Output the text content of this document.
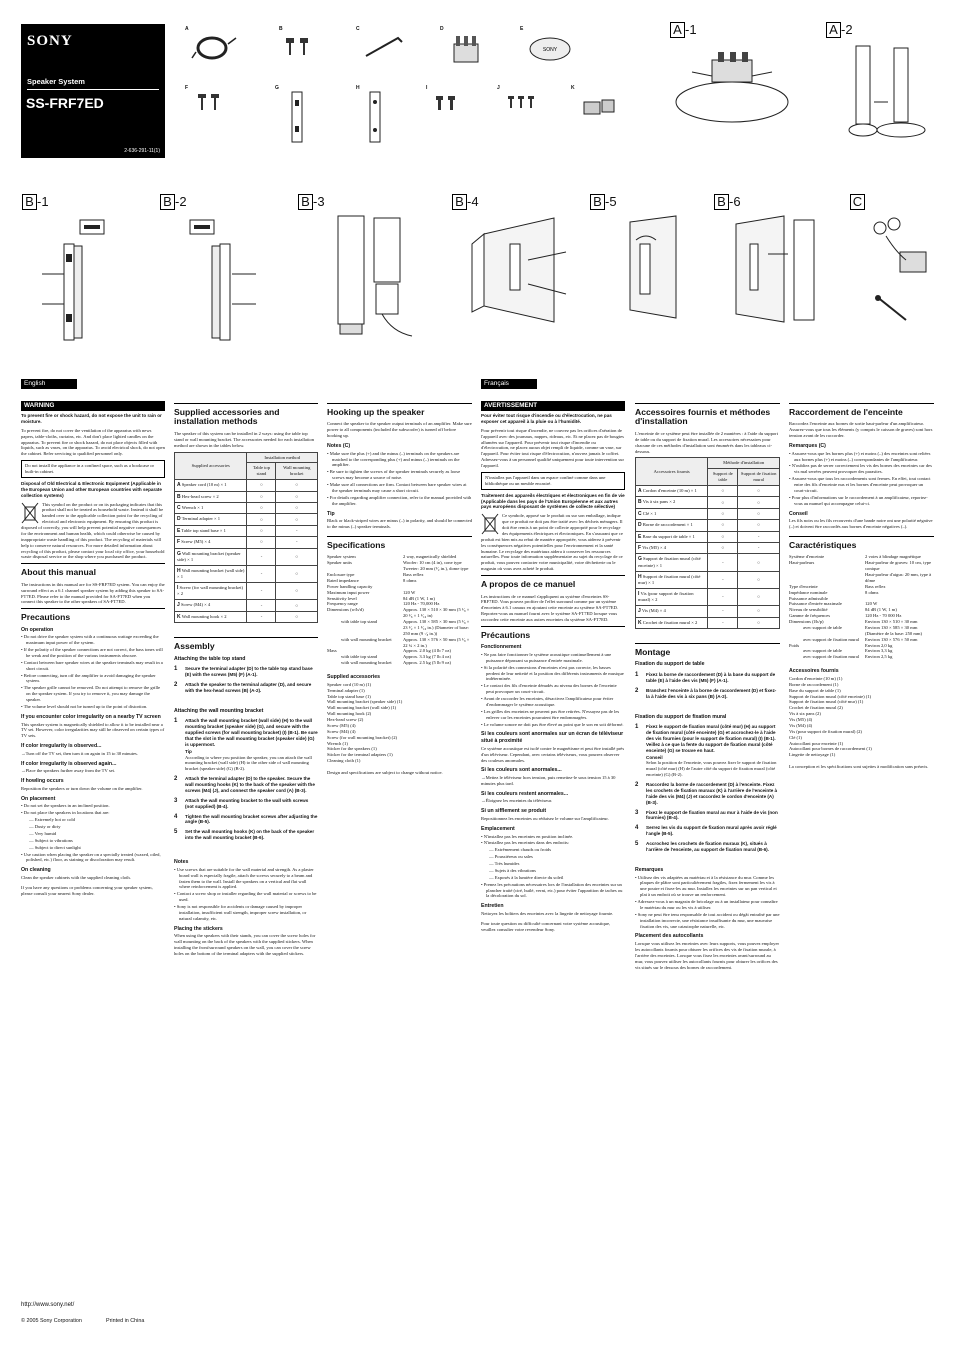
SONY
Speaker System
SS-FRF7ED
2-636-291-11(1)
A	B	C	D	E
SONY
F	G	H	I	J	K
A -1	A -2
B -1	B -2	B -3	B -4	B -5	B -6	C
English	Français
WARNING

To prevent fire or shock hazard, do not expose the unit to rain or moisture.

To prevent fire, do not cover the ventilation of the apparatus with news papers, table-cloths, curtains, etc. And don't place lighted candles on the apparatus. To prevent fire or shock hazard, do not place objects filled with liquids, such as vases, on the apparatus. To avoid electrical shock, do not open the cabinet. Refer servicing to qualified personnel only.

Do not install the appliance in a confined space, such as a bookcase or built-in cabinet.

Disposal of Old Electrical & Electronic Equipment (Applicable in the European Union and other European countries with separate collection systems)

This symbol on the product or on its packaging indicates that this product shall not be treated as household waste. Instead it shall be handed over to the applicable collection point for the recycling of electrical and electronic equipment. By ensuring this product is disposed of correctly, you will help prevent potential negative consequences for the environment and human health, which could otherwise be caused by inappropriate waste handling of this product. The recycling of materials will help to conserve natural resources. For more detailed information about recycling of this product, please contact your local city office, your household waste disposal service or the shop where you purchased the product.

About this manual

The instructions in this manual are for SS-FRF7ED system. You can enjoy the surround effect as a 6.1 channel speaker system by adding this speaker to SA-FT7ED. Please refer to the manual provided for SA-FT7ED when you connect this speaker to the other speakers of SA-FT7ED.

Precautions
On operation
• Do not drive the speaker system with a continuous wattage exceeding the maximum input power of the system.
• If the polarity of the speaker connections are not correct, the bass tones will be weak and the position of the various instruments obscure.
• Contact between bare speaker wires at the speaker terminals may result in a short circuit.
• Before connecting, turn off the amplifier to avoid damaging the speaker system.
• The speaker grille cannot be removed. Do not attempt to remove the grille on the speaker system. If you try to remove it, you may damage the speaker.
• The volume level should not be turned up to the point of distortion.
If you encounter color irregularity on a nearby TV screen

This speaker system is magnetically shielded to allow it to be installed near a TV set. However, color irregularities may still be observed on certain types of TV sets.

If color irregularity is observed...

→Turn off the TV set, then turn it on again in 15 to 30 minutes.

If color irregularity is observed again...

→Place the speakers further away from the TV set.

If howling occurs

Reposition the speakers or turn down the volume on the amplifier.

On placement
• Do not set the speakers in an inclined position.
• Do not place the speakers in locations that are:
— Extremely hot or cold
— Dusty or dirty
— Very humid
— Subject to vibrations
— Subject to direct sunlight
• Use caution when placing the speaker on a specially treated (waxed, oiled, polished, etc.) floor, as staining or discoloration may result.
On cleaning

Clean the speaker cabinets with the supplied cleaning cloth.

If you have any questions or problems concerning your speaker system, please consult your nearest Sony dealer.

Supplied accessories and installation methods

The speaker of this system can be installed in 2 ways: using the table top stand or wall mounting bracket. The accessories needed for each installation method are shown in the tables below.

Supplied accessories	Installation method	
	Table top stand	Wall mounting bracket
A Speaker cord (10 m) × 1	○	○
B Hex-head screw × 2	○	○
C Wrench × 1	○	○
D Terminal adapter × 1	○	○
E Table top stand base × 1	○	-
F Screw (M5) × 4	○	-
G Wall mounting bracket (speaker side) × 1	-	○
H Wall mounting bracket (wall side) × 1	-	○
I Screw (for wall mounting bracket) × 2	-	○
J Screw (M4) × 4	-	○
K Wall mounting hook × 2	-	○
Assembly
Attaching the table top stand
1	Secure the terminal adapter (D) to the table top stand base (E) with the screws (M5) (F) (A-1).
2	Attach the speaker to the terminal adapter (D), and secure with the hex-head screws (B) (A-2).
Attaching the wall mounting bracket
1	Attach the wall mounting bracket (wall side) (H) to the wall mounting bracket (speaker side) (G), and secure with the supplied screws (for wall mounting bracket) (I) (B-1). Be sure that the slot in the wall mounting bracket (speaker side) (G) is uppermost.
Tip

According to where you position the speaker, you can attach the wall mounting bracket (wall side) (H) to the other side of wall mounting bracket (speaker side) (G) (B-2).

2	Attach the terminal adapter (D) to the speaker. Secure the wall mounting hooks (K) to the back of the speaker with the screws (M4) (J), and connect the speaker cord (A) (B-3).
3	Attach the wall mounting bracket to the wall with screws (not supplied) (B-4).
4	Tighten the wall mounting bracket screws after adjusting the angle (B-5).
5	Set the wall mounting hooks (K) on the back of the speaker into the wall mounting bracket (B-6).
Notes
• Use screws that are suitable for the wall material and strength. As a plaster board wall is especially fragile, attach the screws securely to a beam and fasten them to the wall. Install the speakers on a vertical and flat wall where reinforcement is applied.
• Contact a screw shop or installer regarding the wall material or screws to be used.
• Sony is not responsible for accidents or damage caused by improper installation, insufficient wall strength, improper screw installation, or natural calamity, etc.
Placing the stickers

When using the speakers with their stands, you can cover the screw holes for wall mounting on the back of the speakers with the supplied stickers. When installing the front/surround speakers on the wall, you can cover the screw holes on the bottom of the terminal adapters with the supplied stickers.

Hooking up the speaker

Connect the speaker to the speaker output terminals of an amplifier. Make sure power to all components (included the subwoofer) is turned off before hooking up.

Notes (C)
• Make sure the plus (+) and the minus (–) terminals on the speakers are matched to the corresponding plus (+) and minus (–) terminals on the amplifier.
• Be sure to tighten the screws of the speaker terminals securely as loose screws may become a source of noise.
• Make sure all connections are firm. Contact between bare speaker wires at the speaker terminals may cause a short circuit.
• For details regarding amplifier connection, refer to the manual provided with the amplifier.
Tip

Black or black-striped wires are minus (–) in polarity, and should be connected to the minus (–) speaker terminals.

Specifications
Speaker system	2 way, magnetically shielded
Speaker units	Woofer: 10 cm (4 in), cone type
Tweeter: 20 mm (¹⁄₂ in.), dome type
Enclosure type	Bass reflex
Rated impedance	8 ohms
Power handling capacity
Maximum input power	120 W
Sensitivity level	84 dB (1 W, 1 m)
Frequency range	120 Hz - 70,000 Hz
Dimensions (w/h/d)	Approx. 130 × 510 × 30 mm (5 ¹⁄₈ × 20 ¹⁄₈ × 1 ³⁄₁₆ in)
with table top stand	Approx. 130 × 585 × 30 mm (5 ¹⁄₈ × 23 ¹⁄₂ × 1 ³⁄₁₆ in.) (Diameter of base: 250 mm (9 ·⁄₈ in.))
with wall mounting bracket	Approx. 130 × 576 × 50 mm (5 ¹⁄₈ × 22 ¾ × 2 in.)
Mass	Approx. 2.0 kg (4 lb 7 oz)
with table top stand	Approx. 3.3 kg (7 lb 4 oz)
with wall mounting bracket	Approx. 2.5 kg (5 lb 9 oz)
Supplied accessories
Speaker cord (10 m) (1)
Terminal adapter (1)
Table top stand base (1)
Wall mounting bracket (speaker side) (1)
Wall mounting bracket (wall side) (1)
Wall mounting hook (2)
Hex-head screw (2)
Screw (M5) (4)
Screw (M4) (4)
Screw (for wall mounting bracket) (2)
Wrench (1)
Sticker for the speakers (1)
Sticker for the terminal adapters (1)
Cleaning cloth (1)

Design and specifications are subject to change without notice.

AVERTISSEMENT

Pour éviter tout risque d'incendie ou d'électrocution, ne pas exposer cet appareil à la pluie ou à l'humidité.

Pour prévenir tout risque d'incendie, ne couvrez pas les orifices d'aération de l'appareil avec des journaux, nappes, rideaux, etc. Et ne placez pas de bougies allumées sur l'appareil. Pour prévenir tout risque d'incendie ou d'électrocution, ne placez aucun objet rempli de liquide, comme un vase, sur l'appareil. Pour éviter tout risque d'électrocution, n'ouvrez jamais le coffret. Adressez-vous à un personnel qualifié uniquement pour toute intervention sur l'appareil.

N'installez pas l'appareil dans un espace confiné comme dans une bibliothèque ou un meuble encastré.

Traitement des appareils électriques et électroniques en fin de vie (Applicable dans les pays de l'Union Européenne et aux autres pays européens disposant de systèmes de collecte sélective)

Ce symbole, apposé sur le produit ou sur son emballage, indique que ce produit ne doit pas être traité avec les déchets ménagers. Il doit être remis à un point de collecte approprié pour le recyclage des équipements électriques et électroniques. En s'assurant que ce produit est bien mis au rebut de manière appropriée, vous aiderez à prévenir les conséquences négatives potentielles pour l'environnement et la santé humaine. Le recyclage des matériaux aidera à conserver les ressources naturelles. Pour toute information supplémentaire au sujet du recyclage de ce produit, vous pouvez contacter votre municipalité, votre déchetterie ou le magasin où vous avez acheté le produit.

A propos de ce manuel

Les instructions de ce manuel s'appliquent au système d'enceintes SS-FRF7ED. Vous pouvez profiter de l'effet surround comme par un système d'enceintes à 6.1 canaux en ajoutant cette enceinte au système SA-FT7ED. Reportez-vous au manuel fourni avec le système SA-FT7ED lorsque vous raccordez cette enceinte aux autres enceintes du système SA-FT7ED.

Précautions
Fonctionnement
• Ne pas faire fonctionner le système acoustique continuellement à une puissance dépassant sa puissance d'entrée maximale.
• Si la polarité des connexions d'enceintes n'est pas correcte, les basses perdent de leur nettetié et la position des différents instruments de musique indéterminée.
• Le contact des fils d'enceinte dénudés au niveau des bornes de l'enceinte peut provoquer un court-circuit.
• Avant de raccorder les enceintes, désactivez l'amplificateur pour éviter d'endommager le système acoustique.
• Les grilles des enceintes ne peuvent pas être retirées. N'essayez pas de les enlever car les enceintes pourraient être endommagées.
• Le volume sonore ne doit pas être élevé au point que le son en soit déformé.
Si les couleurs sont anormales sur un écran de téléviseur situé à proximité

Ce système acoustique est isolé contre le magnétisme et peut être installé près d'un téléviseur. Cependant, avec certains téléviseurs, vous pourrez observer des couleurs anormales.

Si les couleurs sont anormales...

→Mettez le téléviseur hors tension, puis remettez-le sous tension 15 à 30 minutes plus tard.

Si les couleurs restent anormales...

→Éloignez les enceintes du téléviseur.

Si un sifflement se produit

Repositionnez les enceintes ou réduisez le volume sur l'amplificateur.

Emplacement
• N'installez pas les enceintes en position inclinée.
• N'installez pas les enceintes dans des endroits:
— Extrêmement chauds ou froids
— Poussiéreux ou sales
— Très humides
— Sujets à des vibrations
— Exposés à la lumière directe du soleil
• Prenez les précautions nécessaires lors de l'installation des enceintes sur un plancher traité (ciré, huilé, verni, etc.) pour éviter l'apparition de taches ou la décoloration du sol.
Entretien

Nettoyez les boîtiers des enceintes avec la lingette de nettoyage fournie.

Pour toute question ou difficulté concernant votre système acoustique, veuillez consulter votre revendeur Sony.

Accessoires fournis et méthodes d'installation

L'enceinte de ce système peut être installée de 2 manières : à l'aide du support de table ou du support de fixation mural. Les accessoires nécessaires pour chacune de ces méthodes d'installation sont énumérés dans les tableaux ci-dessous.

Accessoires fournis	Méthode d'installation	
	Support de table	Support de fixation mural
A Cordon d'enceinte (10 m) × 1	○	○
B Vis à six pans × 2	○	○
C Clé × 1	○	○
D Borne de raccordement × 1	○	○
E Base du support de table × 1	○	-
F Vis (M5) × 4	○	-
G Support de fixation mural (côté enceinte) × 1	-	○
H Support de fixation mural (côté mur) × 1	-	○
I Vis (pour support de fixation mural) × 2	-	○
J Vis (M4) × 4	-	○
K Crochet de fixation mural × 2	-	○
Montage
Fixation du support de table
1	Fixez la borne de raccordement (D) à la base du support de table (E) à l'aide des vis (M5) (F) (A-1).
2	Branchez l'enceinte à la borne de raccordement (D) et fixez-la à l'aide des vis à six pans (B) (A-2).
Fixation du support de fixation mural
1	Fixez le support de fixation mural (côté mur) (H) au support de fixation mural (côté enceinte) (G) et accrochez-le à l'aide des vis fournies (pour le support de fixation mural) (I) (B-1). Veillez à ce que la fente du support de fixation mural (côté enceinte) (G) se trouve en haut.
Conseil

Selon la position de l'enceinte, vous pouvez fixer le support de fixation mural (côté mur) (H) de l'autre côté du support de fixation mural (côté enceinte) (G) (B-2).

2	Raccordez la borne de raccordement (D) à l'enceinte. Fixez les crochets de fixation muraux (K) à l'arrière de l'enceinte à l'aide des vis (M4) (J) et raccordez le cordon d'enceinte (A) (B-3).
3	Fixez le support de fixation mural au mur à l'aide de vis (non fournies) (B-4).
4	Serrez les vis du support de fixation mural après avoir réglé l'angle (B-5).
5	Accrochez les crochets de fixation muraux (K), situés à l'arrière de l'enceinte, au support de fixation mural (B-6).
Remarques
• Utilisez des vis adaptées au matériau et à la résistance du mur. Comme les plaques de plâtre sont particulièrement fragiles, fixez fermement les vis à une poutre et fixez-les au mur. Installez les enceintes sur un pan vertical et plat à un endroit où se trouve un renforcement.
• Adressez-vous à un magasin de bricolage ou à un installateur pour connaître le matériau du mur ou les vis à utiliser.
• Sony ne peut être tenu responsable de tout accident ou dégât entraîné par une installation incorrecte, une résistance insuffisante du mur, une mauvaise fixation des vis, une catastrophe naturelle, etc.
Placement des autocollants

Lorsque vous utilisez les enceintes avec leurs supports, vous pouvez employer les autocollants fournis pour obturer les orifices des vis de fixation murale, à l'arrière des enceintes. Lorsque vous fixez les enceintes avant/surround au mur, vous pouvez utiliser les autocollants fournis pour obturer les orifices des vis situés sur le dessous des bornes de raccordement.

Raccordement de l'enceinte

Raccordez l'enceinte aux bornes de sortie haut-parleur d'un amplificateur. Assurez-vous que tous les éléments (y compris le caisson de graves) sont hors tension avant de les raccorder.

Remarques (C)
• Assurez-vous que les bornes plus (+) et moins (–) des enceintes sont reliées aux bornes plus (+) et moins (–) correspondantes de l'amplificateur.
• N'oubliez pas de serrer correctement les vis des bornes des enceintes car des vis mal serrées peuvent provoquer des parasites.
• Assurez-vous que tous les raccordements sont fermes. En effet, tout contact entre des fils d'enceinte nus et les bornes d'enceinte peut provoquer un court-circuit.
• Pour plus d'informations sur le raccordement à un amplificateur, reportez-vous au manuel qui accompagne celui-ci.
Conseil

Les fils noirs ou les fils recouverts d'une bande noire ont une polarité négative (–) et doivent être raccordés aux bornes d'enceinte négatives (–).

Caractéristiques
Système d'enceinte	2 voies à blindage magnétique
Haut-parleurs	Haut-parleur de graves: 10 cm, type conique
Haut-parleur d'aigus: 20 mm, type à dôme
Type d'enceinte	Bass reflex
Impédance nominale	8 ohms
Puissance admissible
Puissance d'entrée maximale	120 W
Niveau de sensibilité	84 dB (1 W, 1 m)
Gamme de fréquences	120 Hz - 70 000 Hz
Dimensions (l/h/p)	Environ 130 × 510 × 30 mm
avec support de table	Environ 130 × 585 × 30 mm (Diamètre de la base: 250 mm)
avec support de fixation mural	Environ 130 × 576 × 50 mm
Poids	Environ 2,0 kg
avec support de table	Environ 3,3 kg
avec support de fixation mural	Environ 2,5 kg
Accessoires fournis
Cordon d'enceinte (10 m) (1)
Borne de raccordement (1)
Base du support de table (1)
Support de fixation mural (côté enceinte) (1)
Support de fixation mural (côté mur) (1)
Crochet de fixation mural (2)
Vis à six pans (2)
Vis (M5) (4)
Vis (M4) (4)
Vis (pour support de fixation mural) (2)
Clé (1)
Autocollant pour enceinte (1)
Autocollant pour bornes de raccordement (1)
Lingette de nettoyage (1)

La conception et les spécifications sont sujettes à modification sans préavis.

http://www.sony.net/
© 2005 Sony Corporation	Printed in China
